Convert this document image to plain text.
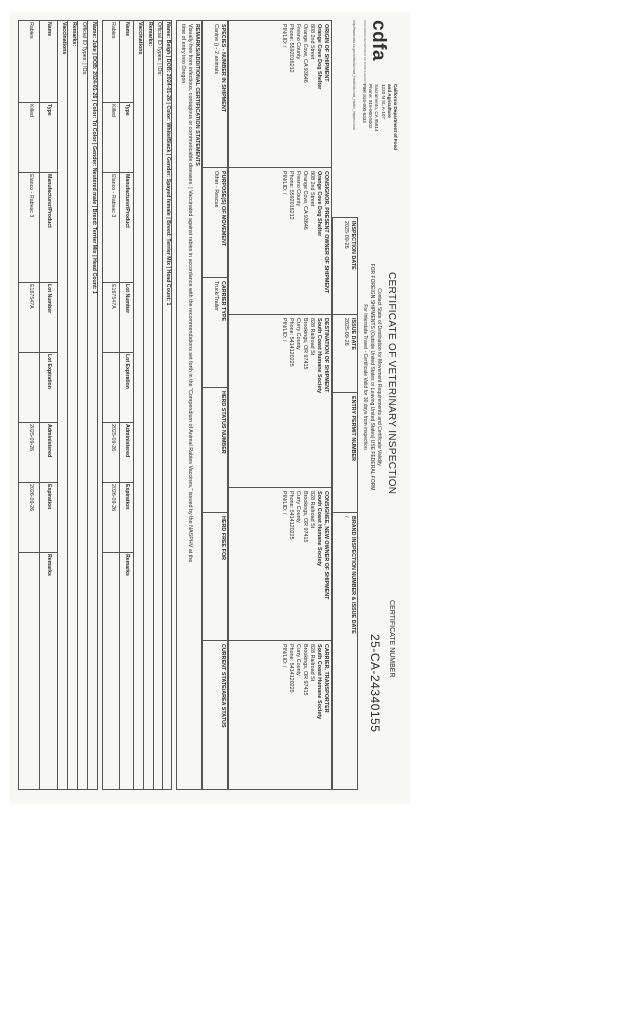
cdfa
CALIFORNIA DEPARTMENT OF FOOD & AGRICULTURE
California Department of Food
and Agriculture
1220 N St, A-107
Sacramento, CA 95814
Phone: 916-900-5002
Fax: 916-900-5333
http://www.cdfa.ca.gov/ahfss/Animal_Health/Animal_Health_Imports.html
CERTIFICATE OF VETERINARY INSPECTION
Contact State of Destination for Movement Requirements and Certificate Validity
FOR FOREIGN SHIPMENTS (Outside United States or Leaving United States) USE FEDERAL FORM
For Interstate Travel - Certificate Valid for 30 days from inspection
CERTIFICATE NUMBER
25-CA-24340155
INSPECTION DATE
2025-09-26
ISSUE DATE
2025-09-26
ENTRY PERMIT NUMBER
BRAND INSPECTION NUMBER & ISSUE DATE
/
ORIGIN OF SHIPMENT
Orange Cove Dog Shelter
808 2nd Street
Orange Cove, CA 93646
Fresno County
Phone: 5592016212
PIN/LID: /
CONSIGNOR, PRESENT OWNER OF SHIPMENT
Orange Cove Dog Shelter
808 2nd Street
Orange Cove, CA 93646
Fresno County
Phone: 5592016212
PIN/LID: /
DESTINATION OF SHIPMENT
South Coast Humane Society
828 Railroad St
Brookings, OR 97415
Curry County
Phone: 5414120225
PIN/LID: /
CONSIGNEE, NEW OWNER OF SHIPMENT
South Coast Humane Society
828 Railroad St
Brookings, OR 97415
Curry County
Phone: 5414120225
PIN/LID: /
CARRIER, TRANSPORTER
South Coast Humane Society
828 Railroad St
Brookings, OR 97415
Curry County
Phone: 5414120225
PIN/LID: /
SPECIES - NUMBER IN SHIPMENT
Canine () - 2 animals
PURPOSE(S) OF MOVEMENT
Other - Rescue
CARRIER TYPE
Truck/Trailer
HERD STATUS NUMBER
HERD FREE FOR
CURRENT STATE/AREA STATUS
REMARKS/ADDITIONAL CERTIFICATION STATEMENTS
Visually free from infectious, contagious or communicable diseases. | Vaccinated against rabies in accordance with the recommendations set forth in the "Compendium of Animal Rabies Vaccines," issued by the NASPHV at the
time of entry into Oregon.
Name: Beigh | DOB: 2024-01-26 | Color: White/Black | Gender: Spayed female | Breed: Terrier Mix | Head Count: 1
Official ID Types: | IDs:
Remarks:
Vaccinations
Name
Type
Manufacturer/Product
Lot Number
Lot Expiration
Administered
Expiration
Remarks
Rabies
Killed
Elanco - Rabvac 3
E167547A
2025-09-26
2026-09-26
Name: Juke | DOB: 2024-01-26 | Color: Tri Color | Gender: Neutered male | Breed: Terrier Mix | Head Count: 1
Official ID Types: | IDs:
Remarks:
Vaccinations
Name
Type
Manufacturer/Product
Lot Number
Lot Expiration
Administered
Expiration
Remarks
Rabies
Killed
Elanco - Rabvac 3
E167547A
2025-09-26
2026-09-26
